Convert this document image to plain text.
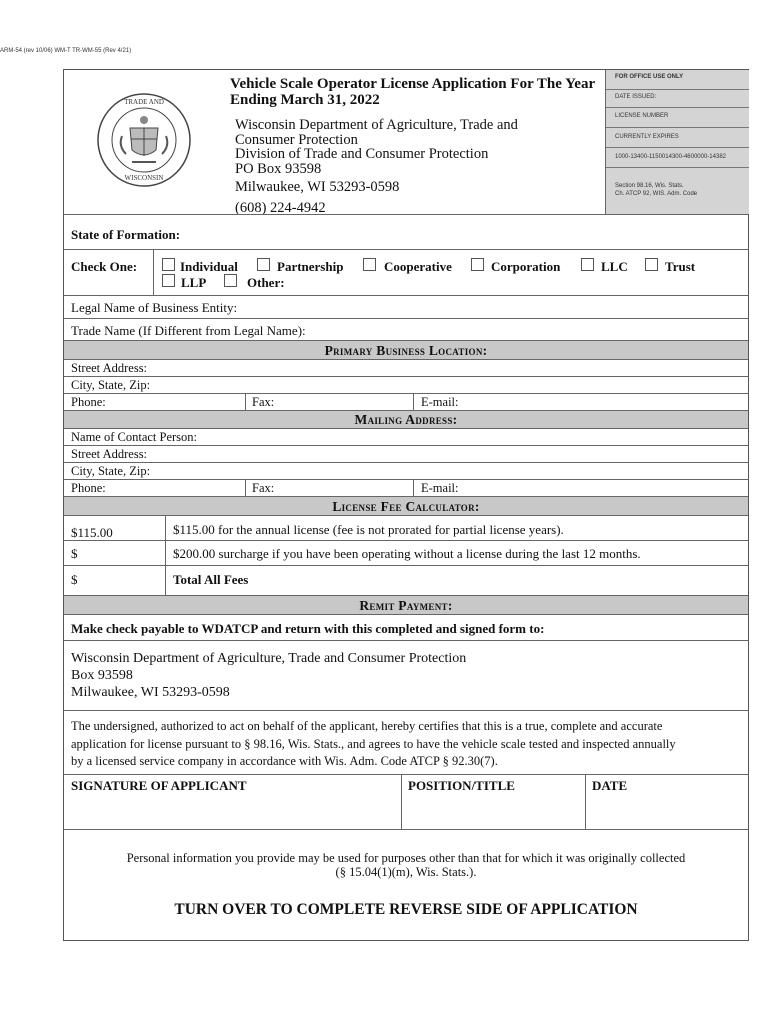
ARM-54 (rev 10/06) WM-T TR-WM-55 (Rev 4/21)
TRADE AND
WISCONSIN
Vehicle Scale Operator License Application For The Year
Ending March 31, 2022
Wisconsin Department of Agriculture, Trade and
Consumer Protection
Division of Trade and Consumer Protection
PO Box 93598
Milwaukee, WI 53293-0598
(608) 224-4942
FOR OFFICE USE ONLY
DATE ISSUED:
LICENSE NUMBER
CURRENTLY EXPIRES
1000-13400-1150014300-4600000-14382
Section 98.16, Wis. Stats.
Ch. ATCP 92, WIS. Adm. Code
State of Formation:
Check One:	Individual	Partnership	Cooperative	Corporation	LLC	Trust
LLP	Other:
Legal Name of Business Entity:
Trade Name (If Different from Legal Name):
Primary Business Location:
Street Address:
City, State, Zip:
Phone:	Fax:	E-mail:
Mailing Address:
Name of Contact Person:
Street Address:
City, State, Zip:
Phone:	Fax:	E-mail:
License Fee Calculator:
$115.00	$115.00 for the annual license (fee is not prorated for partial license years).
$	$200.00 surcharge if you have been operating without a license during the last 12 months.
$	Total All Fees
Remit Payment:
Make check payable to WDATCP and return with this completed and signed form to:
Wisconsin Department of Agriculture, Trade and Consumer Protection
Box 93598
Milwaukee, WI 53293-0598
The undersigned, authorized to act on behalf of the applicant, hereby certifies that this is a true, complete and accurate
application for license pursuant to § 98.16, Wis. Stats., and agrees to have the vehicle scale tested and inspected annually
by a licensed service company in accordance with Wis. Adm. Code ATCP § 92.30(7).
SIGNATURE OF APPLICANT	POSITION/TITLE	DATE
Personal information you provide may be used for purposes other than that for which it was originally collected
(§ 15.04(1)(m), Wis. Stats.).
TURN OVER TO COMPLETE REVERSE SIDE OF APPLICATION
